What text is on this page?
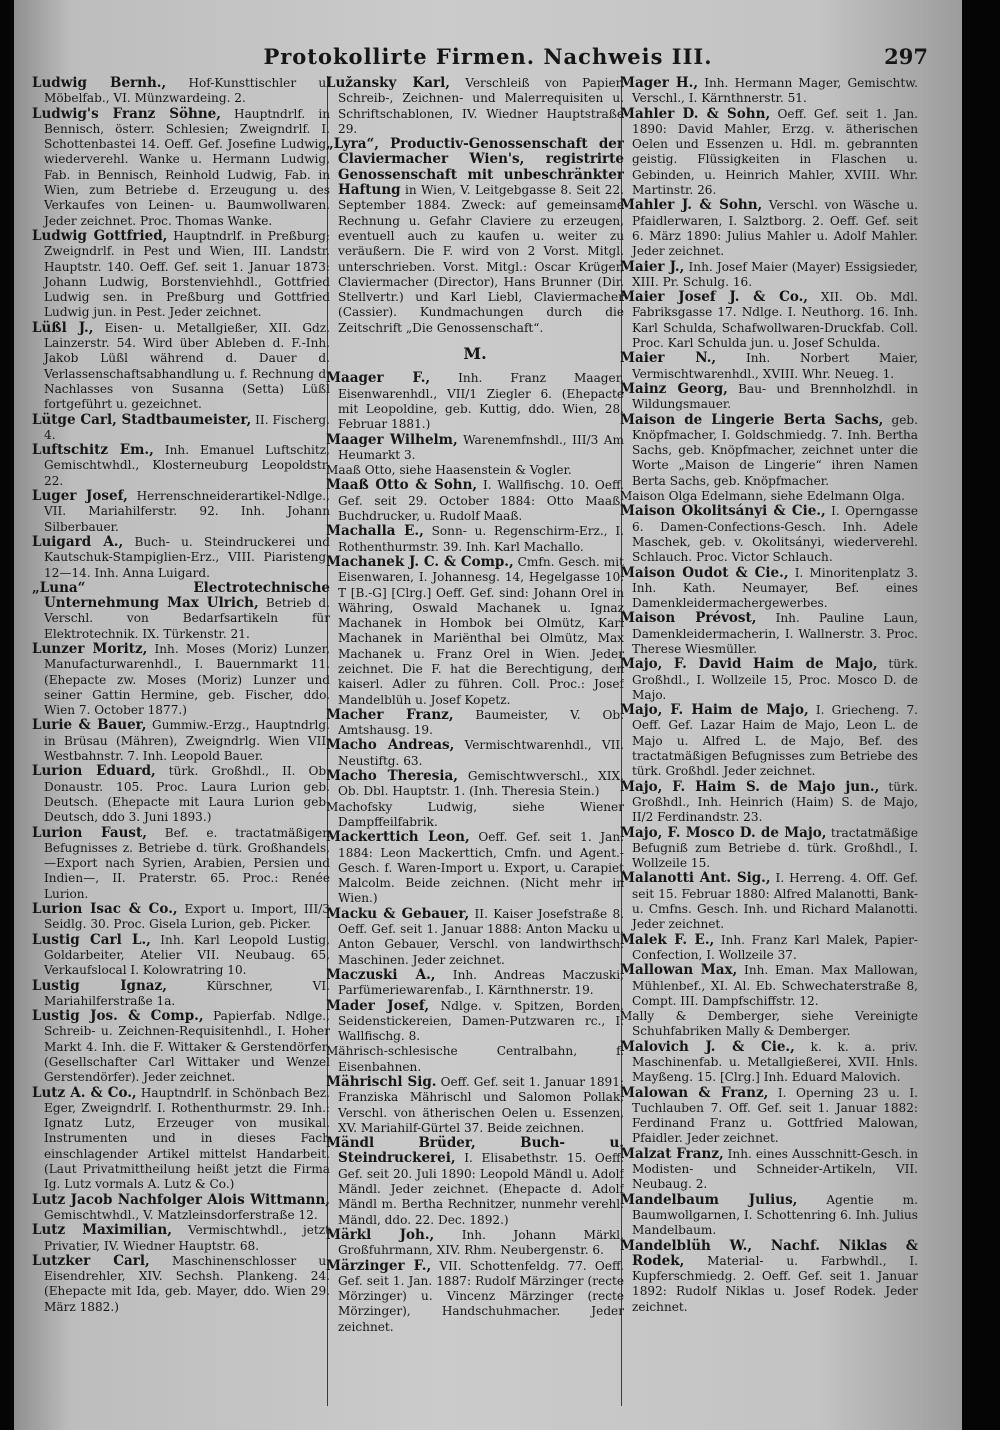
Protokollirte Firmen. Nachweis III.	297
Ludwig Bernh., Hof-Kunsttischler u. Möbelfab., VI. Münzwardeing. 2.
Ludwig's Franz Söhne, Hauptndrlf. in Bennisch, österr. Schlesien; Zweigndrlf. I. Schottenbastei 14. Oeff. Gef. Josefine Ludwig, wiederverehl. Wanke u. Hermann Ludwig, Fab. in Bennisch, Reinhold Ludwig, Fab. in Wien, zum Betriebe d. Erzeugung u. des Verkaufes von Leinen- u. Baumwollwaren. Jeder zeichnet. Proc. Thomas Wanke.
Ludwig Gottfried, Hauptndrlf. in Preßburg; Zweigndrlf. in Pest und Wien, III. Landstr. Hauptstr. 140. Oeff. Gef. seit 1. Januar 1873: Johann Ludwig, Borstenviehhdl., Gottfried Ludwig sen. in Preßburg und Gottfried Ludwig jun. in Pest. Jeder zeichnet.
Lüßl J., Eisen- u. Metallgießer, XII. Gdz. Lainzerstr. 54. Wird über Ableben d. F.-Inh. Jakob Lüßl während d. Dauer d. Verlassenschaftsabhandlung u. f. Rechnung d. Nachlasses von Susanna (Setta) Lüßl fortgeführt u. gezeichnet.
Lütge Carl, Stadtbaumeister, II. Fischerg. 4.
Luftschitz Em., Inh. Emanuel Luftschitz, Gemischtwhdl., Klosterneuburg Leopoldstr. 22.
Luger Josef, Herrenschneiderartikel-Ndlge., VII. Mariahilferstr. 92. Inh. Johann Silberbauer.
Luigard A., Buch- u. Steindruckerei und Kautschuk-Stampiglien-Erz., VIII. Piaristeng. 12—14. Inh. Anna Luigard.
„Luna“ Electrotechnische Unternehmung Max Ulrich, Betrieb d. Verschl. von Bedarfsartikeln für Elektrotechnik. IX. Türkenstr. 21.
Lunzer Moritz, Inh. Moses (Moriz) Lunzer, Manufacturwarenhdl., I. Bauernmarkt 11. (Ehepacte zw. Moses (Moriz) Lunzer und seiner Gattin Hermine, geb. Fischer, ddo. Wien 7. October 1877.)
Lurie & Bauer, Gummiw.-Erzg., Hauptndrlg. in Brüsau (Mähren), Zweigndrlg. Wien VII. Westbahnstr. 7. Inh. Leopold Bauer.
Lurion Eduard, türk. Großhdl., II. Ob. Donaustr. 105. Proc. Laura Lurion geb. Deutsch. (Ehepacte mit Laura Lurion geb. Deutsch, ddo 3. Juni 1893.)
Lurion Faust, Bef. e. tractatmäßigen Befugnisses z. Betriebe d. türk. Großhandels, —Export nach Syrien, Arabien, Persien und Indien—, II. Praterstr. 65. Proc.: Renée Lurion.
Lurion Isac & Co., Export u. Import, III/3 Seidlg. 30. Proc. Gisela Lurion, geb. Picker.
Lustig Carl L., Inh. Karl Leopold Lustig, Goldarbeiter, Atelier VII. Neubaug. 65, Verkaufslocal I. Kolowratring 10.
Lustig Ignaz,	Kürschner, VI. Mariahilferstraße 1a.
Lustig Jos. & Comp., Papierfab. Ndlge., Schreib- u. Zeichnen-Requisitenhdl., I. Hoher Markt 4. Inh. die F. Wittaker & Gerstendörfer, (Gesellschafter Carl Wittaker und Wenzel Gerstendörfer). Jeder zeichnet.
Lutz A. & Co., Hauptndrlf. in Schönbach Bez. Eger, Zweigndrlf. I. Rothenthurmstr. 29. Inh.: Ignatz Lutz, Erzeuger von musikal. Instrumenten und in dieses Fach einschlagender Artikel mittelst Handarbeit. (Laut Privatmittheilung heißt jetzt die Firma Ig. Lutz vormals A. Lutz & Co.)
Lutz Jacob Nachfolger Alois Wittmann, Gemischtwhdl., V. Matzleinsdorferstraße 12.
Lutz Maximilian, Vermischtwhdl., jetzt Privatier, IV. Wiedner Hauptstr. 68.
Lutzker Carl, Maschinenschlosser u. Eisendrehler, XIV. Sechsh. Plankeng. 24. (Ehepacte mit Ida, geb. Mayer, ddo. Wien 29. März 1882.)
Lužansky Karl, Verschleiß von Papier, Schreib-, Zeichnen- und Malerrequisiten u. Schriftschablonen, IV. Wiedner Hauptstraße 29.
„Lyra“, Productiv-Genossenschaft der Claviermacher Wien's, registrirte Genossenschaft mit unbeschränkter Haftung in Wien, V. Leitgebgasse 8. Seit 22. September 1884. Zweck: auf gemeinsame Rechnung u. Gefahr Claviere zu erzeugen, eventuell auch zu kaufen u. weiter zu veräußern. Die F. wird von 2 Vorst. Mitgl. unterschrieben. Vorst. Mitgl.: Oscar Krüger, Claviermacher (Director), Hans Brunner (Dir. Stellvertr.) und Karl Liebl, Claviermacher (Cassier). Kundmachungen durch die Zeitschrift „Die Genossenschaft“.
M.
Maager F., Inh. Franz Maager, Eisenwarenhdl., VII/1 Ziegler 6. (Ehepacte mit Leopoldine, geb. Kuttig, ddo. Wien, 28. Februar 1881.)
Maager Wilhelm, Warenemfnshdl., III/3 Am Heumarkt 3.
Maaß Otto, siehe Haasenstein & Vogler.
Maaß Otto & Sohn, I. Wallfischg. 10. Oeff. Gef. seit 29. October 1884: Otto Maaß, Buchdrucker, u. Rudolf Maaß.
Machalla E., Sonn- u. Regenschirm-Erz., I. Rothenthurmstr. 39. Inh. Karl Machallo.
Machanek J. C. & Comp., Cmfn. Gesch. mit Eisenwaren, I. Johannesg. 14, Hegelgasse 10. T [B.-G] [Clrg.] Oeff. Gef. sind: Johann Orel in Währing, Oswald Machanek u. Ignaz Machanek in Hombok bei Olmütz, Karl Machanek in Mariënthal bei Olmütz, Max Machanek u. Franz Orel in Wien. Jeder zeichnet. Die F. hat die Berechtigung, den kaiserl. Adler zu führen. Coll. Proc.: Josef Mandelblüh u. Josef Kopetz.
Macher Franz, Baumeister, V. Ob. Amtshausg. 19.
Macho Andreas, Vermischtwarenhdl., VII. Neustiftg. 63.
Macho Theresia, Gemischtwverschl., XIX. Ob. Dbl. Hauptstr. 1. (Inh. Theresia Stein.)
Machofsky Ludwig, siehe Wiener Dampffeilfabrik.
Mackerttich Leon, Oeff. Gef. seit 1. Jan. 1884: Leon Mackerttich, Cmfn. und Agent.-Gesch. f. Waren-Import u. Export, u. Carapiet Malcolm. Beide zeichnen. (Nicht mehr in Wien.)
Macku & Gebauer, II. Kaiser Josefstraße 8. Oeff. Gef. seit 1. Januar 1888: Anton Macku u. Anton Gebauer, Verschl. von landwirthsch. Maschinen. Jeder zeichnet.
Maczuski A., Inh. Andreas Maczuski, Parfümeriewarenfab., I. Kärnthnerstr. 19.
Mader Josef, Ndlge. v. Spitzen, Borden, Seidenstickereien, Damen-Putzwaren rc., I. Wallfischg. 8.
Mährisch-schlesische Centralbahn, f. Eisenbahnen.
Mährischl Sig. Oeff. Gef. seit 1. Januar 1891: Franziska Mährischl und Salomon Pollak, Verschl. von ätherischen Oelen u. Essenzen, XV. Mariahilf-Gürtel 37. Beide zeichnen.
Mändl Brüder, Buch- u. Steindruckerei, I. Elisabethstr. 15. Oeff. Gef. seit 20. Juli 1890: Leopold Mändl u. Adolf Mändl. Jeder zeichnet. (Ehepacte d. Adolf Mändl m. Bertha Rechnitzer, nunmehr verehl. Mändl, ddo. 22. Dec. 1892.)
Märkl Joh., Inh. Johann Märkl, Großfuhrmann, XIV. Rhm. Neubergenstr. 6.
Märzinger F., VII. Schottenfeldg. 77. Oeff. Gef. seit 1. Jan. 1887: Rudolf Märzinger (recte Mörzinger) u. Vincenz Märzinger (recte Mörzinger), Handschuhmacher. Jeder zeichnet.
Mager H., Inh. Hermann Mager, Gemischtw. Verschl., I. Kärnthnerstr. 51.
Mahler D. & Sohn, Oeff. Gef. seit 1. Jan. 1890: David Mahler, Erzg. v. ätherischen Oelen und Essenzen u. Hdl. m. gebrannten geistig. Flüssigkeiten in Flaschen u. Gebinden, u. Heinrich Mahler, XVIII. Whr. Martinstr. 26.
Mahler J. & Sohn, Verschl. von Wäsche u. Pfaidlerwaren, I. Salztborg. 2. Oeff. Gef. seit 6. März 1890: Julius Mahler u. Adolf Mahler. Jeder zeichnet.
Maier J., Inh. Josef Maier (Mayer) Essigsieder, XIII. Pr. Schulg. 16.
Maier Josef J. & Co., XII. Ob. Mdl. Fabriksgasse 17. Ndlge. I. Neuthorg. 16. Inh. Karl Schulda, Schafwollwaren-Druckfab. Coll. Proc. Karl Schulda jun. u. Josef Schulda.
Maier N., Inh. Norbert Maier, Vermischtwarenhdl., XVIII. Whr. Neueg. 1.
Mainz Georg, Bau- und Brennholzhdl. in Wildungsmauer.
Maison de Lingerie Berta Sachs, geb. Knöpfmacher, I. Goldschmiedg. 7. Inh. Bertha Sachs, geb. Knöpfmacher, zeichnet unter die Worte „Maison de Lingerie“ ihren Namen Berta Sachs, geb. Knöpfmacher.
Maison Olga Edelmann, siehe Edelmann Olga.
Maison Okolitsányi & Cie., I. Operngasse 6. Damen-Confections-Gesch. Inh. Adele Maschek, geb. v. Okolitsányi, wiederverehl. Schlauch. Proc. Victor Schlauch.
Maison Oudot & Cie., I. Minoritenplatz 3. Inh. Kath. Neumayer, Bef. eines Damenkleidermachergewerbes.
Maison Prévost, Inh. Pauline Laun, Damenkleidermacherin, I. Wallnerstr. 3. Proc. Therese Wiesmüller.
Majo, F. David Haim de Majo, türk. Großhdl., I. Wollzeile 15, Proc. Mosco D. de Majo.
Majo, F. Haim de Majo, I. Griecheng. 7. Oeff. Gef. Lazar Haim de Majo, Leon L. de Majo u. Alfred L. de Majo, Bef. des tractatmäßigen Befugnisses zum Betriebe des türk. Großhdl. Jeder zeichnet.
Majo, F. Haim S. de Majo jun., türk. Großhdl., Inh. Heinrich (Haim) S. de Majo, II/2 Ferdinandstr. 23.
Majo, F. Mosco D. de Majo, tractatmäßige Befugniß zum Betriebe d. türk. Großhdl., I. Wollzeile 15.
Malanotti Ant. Sig., I. Herreng. 4. Off. Gef. seit 15. Februar 1880: Alfred Malanotti, Bank- u. Cmfns. Gesch. Inh. und Richard Malanotti. Jeder zeichnet.
Malek F. E., Inh. Franz Karl Malek, Papier-Confection, I. Wollzeile 37.
Mallowan Max, Inh. Eman. Max Mallowan, Mühlenbef., XI. Al. Eb. Schwechaterstraße 8, Compt. III. Dampfschiffstr. 12.
Mally & Demberger, siehe Vereinigte Schuhfabriken Mally & Demberger.
Malovich J. & Cie., k. k. a. priv. Maschinenfab. u. Metallgießerei, XVII. Hnls. Mayßeng. 15. [Clrg.] Inh. Eduard Malovich.
Malowan & Franz, I. Operning 23 u. I. Tuchlauben 7. Off. Gef. seit 1. Januar 1882: Ferdinand Franz u. Gottfried Malowan, Pfaidler. Jeder zeichnet.
Malzat Franz, Inh. eines Ausschnitt-Gesch. in Modisten- und Schneider-Artikeln, VII. Neubaug. 2.
Mandelbaum Julius, Agentie m. Baumwollgarnen, I. Schottenring 6. Inh. Julius Mandelbaum.
Mandelblüh W., Nachf. Niklas & Rodek, Material- u. Farbwhdl., I. Kupferschmiedg. 2. Oeff. Gef. seit 1. Januar 1892: Rudolf Niklas u. Josef Rodek. Jeder zeichnet.
